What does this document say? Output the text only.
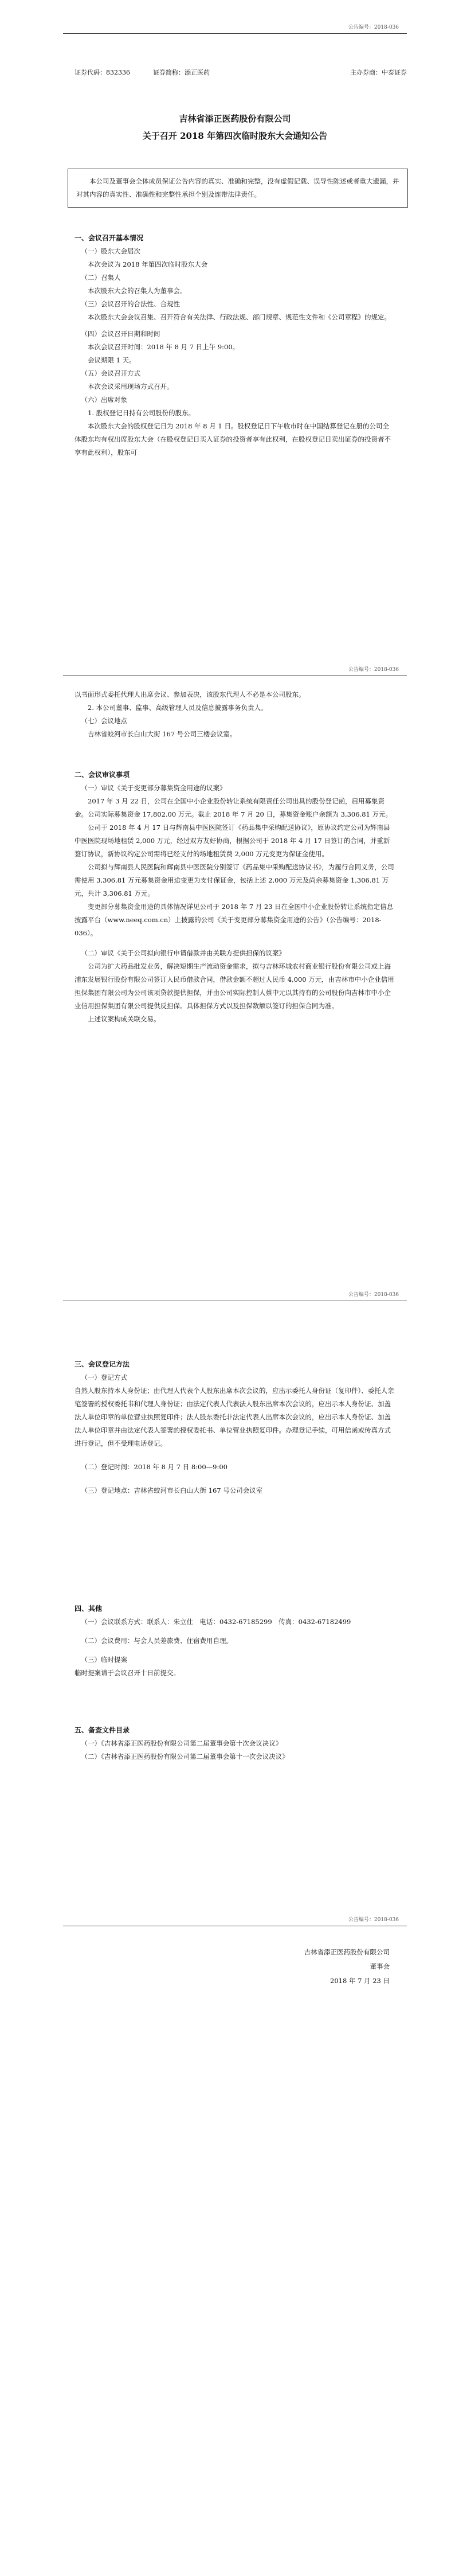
公告编号：2018-036
证券代码：832336	证券简称：添正医药	主办券商：中泰证券
吉林省添正医药股份有限公司
关于召开 2018 年第四次临时股东大会通知公告
本公司及董事会全体成员保证公告内容的真实、准确和完整，没有虚假记载、误导性陈述或者重大遗漏，并对其内容的真实性、准确性和完整性承担个别及连带法律责任。
一、会议召开基本情况
（一）股东大会届次
本次会议为 2018 年第四次临时股东大会
（二）召集人
本次股东大会的召集人为董事会。
（三）会议召开的合法性、合规性
本次股东大会会议召集、召开符合有关法律、行政法规、部门规章、规范性文件和《公司章程》的规定。
（四）会议召开日期和时间
本次会议召开时间：2018 年 8 月 7 日上午 9:00。
会议期限 1 天。
（五）会议召开方式
本次会议采用现场方式召开。
（六）出席对象
1. 股权登记日持有公司股份的股东。
本次股东大会的股权登记日为 2018 年 8 月 1 日。股权登记日下午收市时在中国结算登记在册的公司全体股东均有权出席股东大会（在股权登记日买入证券的投资者享有此权利，在股权登记日卖出证券的投资者不享有此权利），股东可
公告编号：2018-036
以书面形式委托代理人出席会议、参加表决，该股东代理人不必是本公司股东。
2. 本公司董事、监事、高级管理人员及信息披露事务负责人。
（七）会议地点
吉林省蛟河市长白山大街 167 号公司三楼会议室。
二、会议审议事项
（一）审议《关于变更部分募集资金用途的议案》
2017 年 3 月 22 日，公司在全国中小企业股份转让系统有限责任公司出具的股份登记函，启用募集资金。公司实际募集资金 17,802.00 万元。截止 2018 年 7 月 20 日，募集资金账户余额为 3,306.81 万元。
公司于 2018 年 4 月 17 日与辉南县中医医院签订《药品集中采购配送协议》，原协议约定公司为辉南县中医医院现场地租赁 2,000 万元，经过双方友好协商，根据公司于 2018 年 4 月 17 日签订的合同，并重新签订协议，新协议约定公司需将已经支付的场地租赁费 2,000 万元变更为保证金使用。
公司拟与辉南县人民医院和辉南县中医医院分别签订《药品集中采购配送协议书》，为履行合同义务，公司需使用 3,306.81 万元募集资金用途变更为支付保证金，包括上述 2,000 万元及尚余募集资金 1,306.81 万元，共计 3,306.81 万元。
变更部分募集资金用途的具体情况详见公司于 2018 年 7 月 23 日在全国中小企业股份转让系统指定信息披露平台（www.neeq.com.cn）上披露的公司《关于变更部分募集资金用途的公告》（公告编号：2018-036）。
（二）审议《关于公司拟向银行申请借款并由关联方提供担保的议案》
公司为扩大药品批发业务，解决短期生产流动资金需求，拟与吉林环城农村商业银行股份有限公司或上海浦东发展银行股份有限公司签订人民币借款合同，借款金额不超过人民币 4,000 万元，由吉林市中小企业信用担保集团有限公司为公司该项贷款提供担保，并由公司实际控制人蔡中元以其持有的公司股份向吉林市中小企业信用担保集团有限公司提供反担保。具体担保方式以及担保数额以签订的担保合同为准。
上述议案构成关联交易。
公告编号：2018-036
三、会议登记方法
（一）登记方式
自然人股东持本人身份证；由代理人代表个人股东出席本次会议的，应出示委托人身份证（复印件）、委托人亲笔签署的授权委托书和代理人身份证；由法定代表人代表法人股东出席本次会议的，应出示本人身份证、加盖法人单位印章的单位营业执照复印件；法人股东委托非法定代表人出席本次会议的，应出示本人身份证、加盖法人单位印章并由法定代表人签署的授权委托书、单位营业执照复印件。办理登记手续，可用信函或传真方式进行登记，但不受理电话登记。
（二）登记时间：2018 年 8 月 7 日 8:00—9:00
（三）登记地点：吉林省蛟河市长白山大街 167 号公司会议室
四、其他
（一）会议联系方式：联系人：朱立仕　电话：0432-67185299　传真：0432-67182499
（二）会议费用：与会人员差旅费、住宿费用自理。
（三）临时提案
临时提案请于会议召开十日前提交。
五、备查文件目录
（一）《吉林省添正医药股份有限公司第二届董事会第十次会议决议》
（二）《吉林省添正医药股份有限公司第二届董事会第十一次会议决议》
公告编号：2018-036
吉林省添正医药股份有限公司
董事会
2018 年 7 月 23 日
